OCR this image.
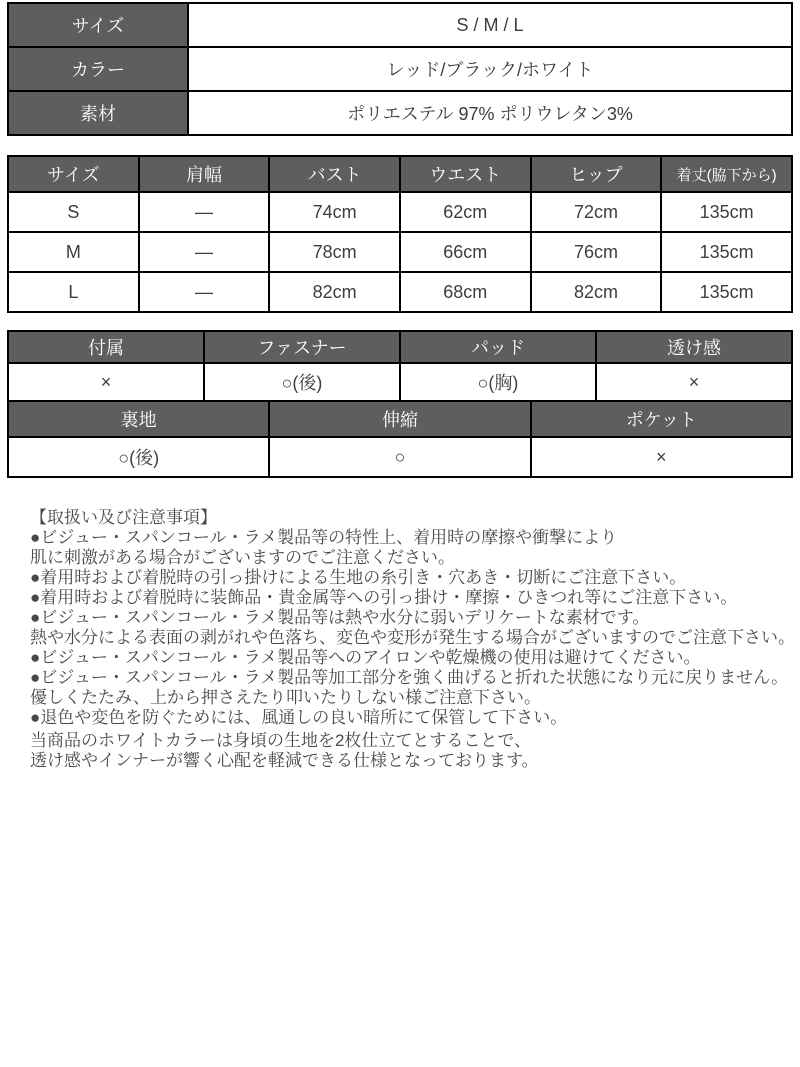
サイズ	S / M / L
カラー	レッド/ブラック/ホワイト
素材	ポリエステル 97% ポリウレタン3%
サイズ	肩幅	バスト	ウエスト	ヒップ	着丈(脇下から)
S	―	74cm	62cm	72cm	135cm
M	―	78cm	66cm	76cm	135cm
L	―	82cm	68cm	82cm	135cm
付属	ファスナー		パッド		透け感
×	○(後)		○(胸)		×
裏地		伸縮		ポケット	
○(後)		○		×	
【取扱い及び注意事項】
●ビジュー・スパンコール・ラメ製品等の特性上、着用時の摩擦や衝撃により
肌に刺激がある場合がございますのでご注意ください。
●着用時および着脱時の引っ掛けによる生地の糸引き・穴あき・切断にご注意下さい。
●着用時および着脱時に装飾品・貴金属等への引っ掛け・摩擦・ひきつれ等にご注意下さい。
●ビジュー・スパンコール・ラメ製品等は熱や水分に弱いデリケートな素材です。
熱や水分による表面の剥がれや色落ち、変色や変形が発生する場合がございますのでご注意下さい。
●ビジュー・スパンコール・ラメ製品等へのアイロンや乾燥機の使用は避けてください。
●ビジュー・スパンコール・ラメ製品等加工部分を強く曲げると折れた状態になり元に戻りません。
優しくたたみ、上から押さえたり叩いたりしない様ご注意下さい。
●退色や変色を防ぐためには、風通しの良い暗所にて保管して下さい。
当商品のホワイトカラーは身頃の生地を2枚仕立てとすることで、
透け感やインナーが響く心配を軽減できる仕様となっております。
